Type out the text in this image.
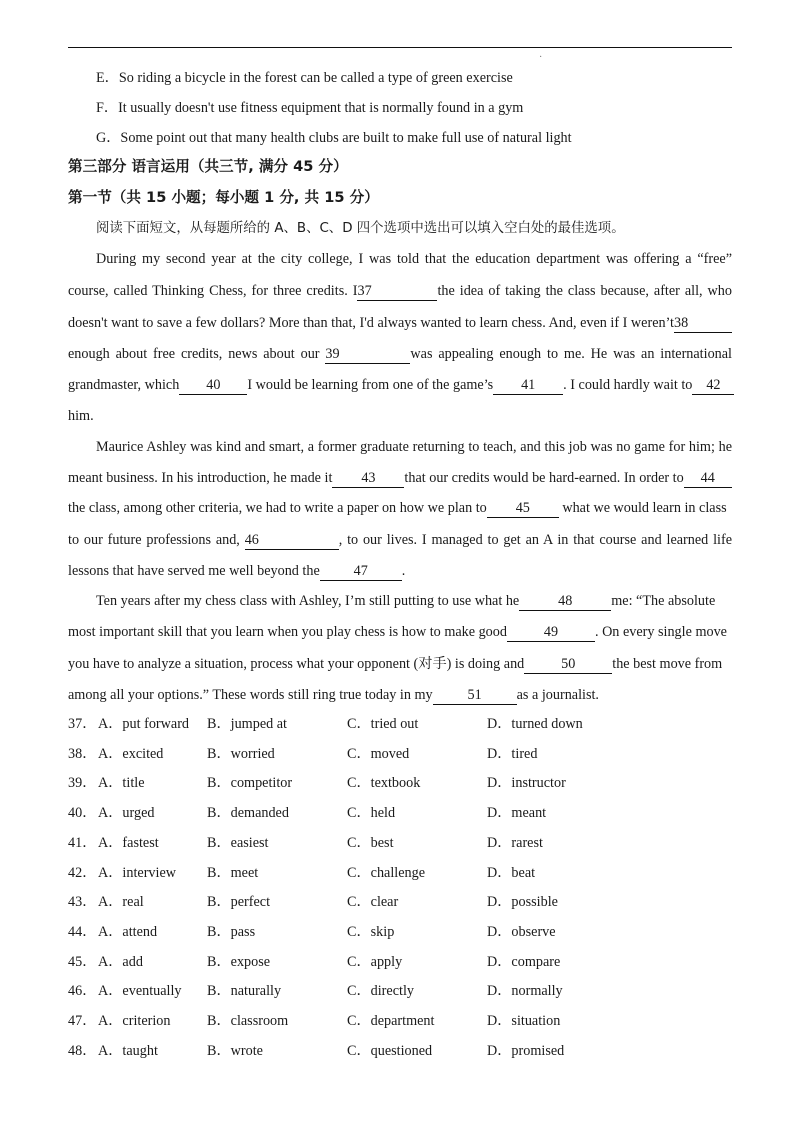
·
E．So riding a bicycle in the forest can be called a type of green exercise
F．It usually doesn't use fitness equipment that is normally found in a gym
G．Some point out that many health clubs are built to make full use of natural light
第三部分 语言运用（共三节, 满分 45 分）
第一节（共 15 小题；每小题 1 分, 共 15 分）
阅读下面短文，从每题所给的 A、B、C、D 四个选项中选出可以填入空白处的最佳选项。
During my second year at the city college, I was told that the education department was offering a “free”
course, called Thinking Chess, for three credits. I37	the idea of taking the class because, after all, who
doesn't want to save a few dollars? More than that, I'd always wanted to learn chess. And, even if I weren’t38
enough about free credits, news about our 39	was appealing enough to me. He was an international
grandmaster, which 40 I would be learning from one of the game’s 41 . I could hardly wait to 42
him.
Maurice Ashley was kind and smart, a former graduate returning to teach, and this job was no game for him; he
meant business. In his introduction, he made it 43 that our credits would be hard-earned. In order to 44
the class, among other criteria, we had to write a paper on how we plan to 45 what we would learn in class
to our future professions and, 46	, to our lives. I managed to get an A in that course and learned life
lessons that have served me well beyond the 47 .
Ten years after my chess class with Ashley, I’m still putting to use what he	48	me: “The absolute
most important skill that you learn when you play chess is how to make good	49	. On every single move
you have to analyze a situation, process what your opponent (对手) is doing and	50	the best move from
among all your options.” These words still ring true today in my 51 as a journalist.
37． A．put forward B．jumped at	C．tried out	D．turned down
38． A．excited	B．worried	C．moved	D．tired
39． A．title	B．competitor	C．textbook	D．instructor
40． A．urged	B．demanded	C．held	D．meant
41． A．fastest	B．easiest	C．best	D．rarest
42． A．interview B．meet	C．challenge	D．beat
43． A．real	B．perfect	C．clear	D．possible
44． A．attend	B．pass	C．skip	D．observe
45． A．add	B．expose	C．apply	D．compare
46． A．eventually B．naturally	C．directly	D．normally
47． A．criterion	B．classroom	C．department	D．situation
48． A．taught	B．wrote	C．questioned	D．promised
